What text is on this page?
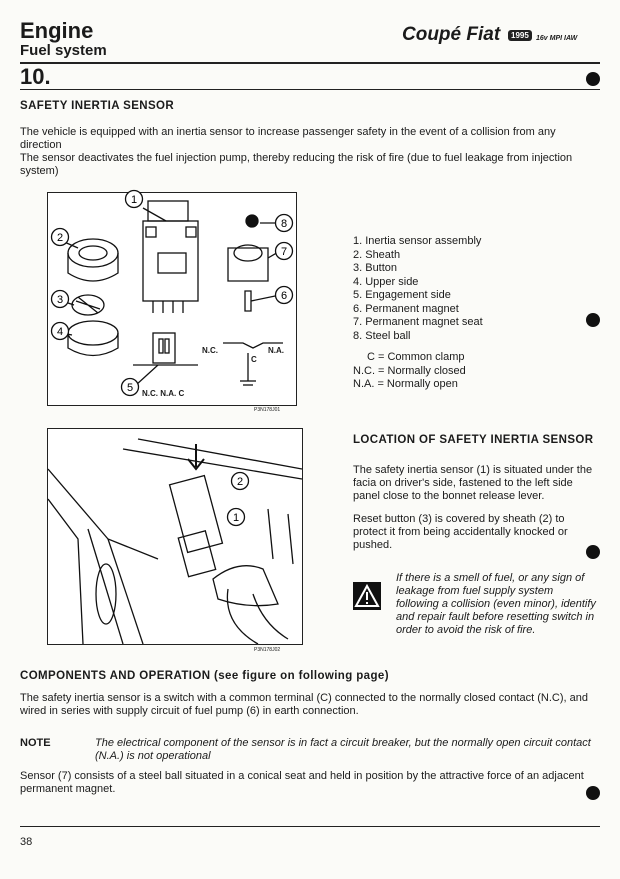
Engine
Fuel system
Coupé Fiat	1995	16v MPI IAW
10.
SAFETY INERTIA SENSOR
The vehicle is equipped with an inertia sensor to increase passenger safety in the event of a collision from any direction
The sensor deactivates the fuel injection pump, thereby reducing the risk of fire (due to fuel leakage from injection system)
1
2
3
4
5
6
7
8
N.C.	N.A.
C
N.C. N.A. C
P3N178J01
1. Inertia sensor assembly
2. Sheath
3. Button
4. Upper side
5. Engagement side
6. Permanent magnet
7. Permanent magnet seat
8. Steel ball
C = Common clamp
N.C. = Normally closed
N.A. = Normally open
2
1
P3N178J02
LOCATION OF SAFETY INERTIA SENSOR
The safety inertia sensor (1) is situated under the facia on driver's side, fastened to the left side panel close to the bonnet release lever.
Reset button (3) is covered by sheath (2) to protect it from being accidentally knocked or pushed.
If there is a smell of fuel, or any sign of leakage from fuel supply system following a collision (even minor), identify and repair fault before resetting switch in order to avoid the risk of fire.
COMPONENTS AND OPERATION (see figure on following page)
The safety inertia sensor is a switch with a common terminal (C) connected to the normally closed contact (N.C), and wired in series with supply circuit of fuel pump (6) in earth connection.
NOTE	The electrical component of the sensor is in fact a circuit breaker, but the normally open circuit contact (N.A.) is not operational
Sensor (7) consists of a steel ball situated in a conical seat and held in position by the attractive force of an adjacent permanent magnet.
38
